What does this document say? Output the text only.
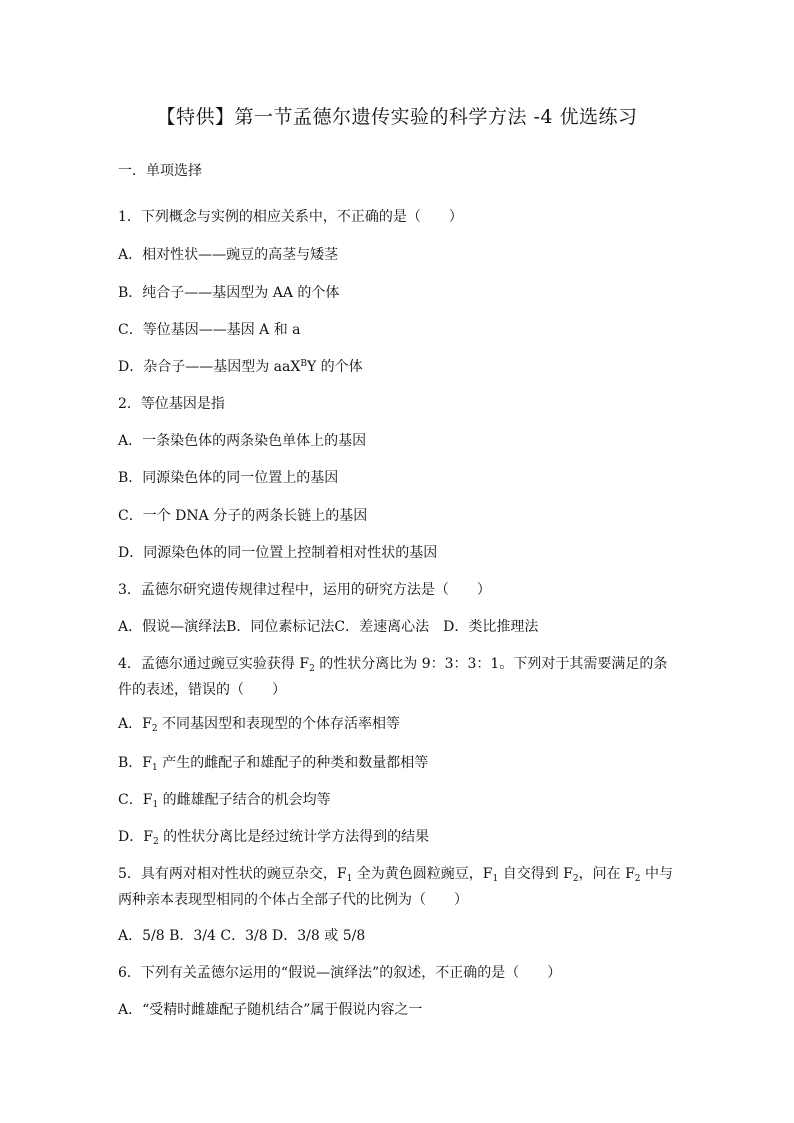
【特供】第一节孟德尔遗传实验的科学方法 -4 优选练习
一．单项选择
1．下列概念与实例的相应关系中，不正确的是（　　）
A．相对性状——豌豆的高茎与矮茎
B．纯合子——基因型为 AA 的个体
C．等位基因——基因 A 和 a
D．杂合子——基因型为 aaX$^B$Y 的个体
2．等位基因是指
A．一条染色体的两条染色单体上的基因
B．同源染色体的同一位置上的基因
C．一个 DNA 分子的两条长链上的基因
D．同源染色体的同一位置上控制着相对性状的基因
3．孟德尔研究遗传规律过程中，运用的研究方法是（　　）
A．假说—演绎法B．同位素标记法C．差速离心法　D．类比推理法
4．孟德尔通过豌豆实验获得 $F_2$ 的性状分离比为 9：3：3：1。下列对于其需要满足的条件的表述，错误的（　　）
A．$F_2$ 不同基因型和表现型的个体存活率相等
B．$F_1$ 产生的雌配子和雄配子的种类和数量都相等
C．$F_1$ 的雌雄配子结合的机会均等
D．$F_2$ 的性状分离比是经过统计学方法得到的结果
5．具有两对相对性状的豌豆杂交，$F_1$ 全为黄色圆粒豌豆，$F_1$ 自交得到 $F_2$，问在 $F_2$ 中与两种亲本表现型相同的个体占全部子代的比例为（　　）
A．5/8 B．3/4 C．3/8 D．3/8 或 5/8
6．下列有关孟德尔运用的“假说—演绎法”的叙述，不正确的是（　　）
A．“受精时雌雄配子随机结合”属于假说内容之一
